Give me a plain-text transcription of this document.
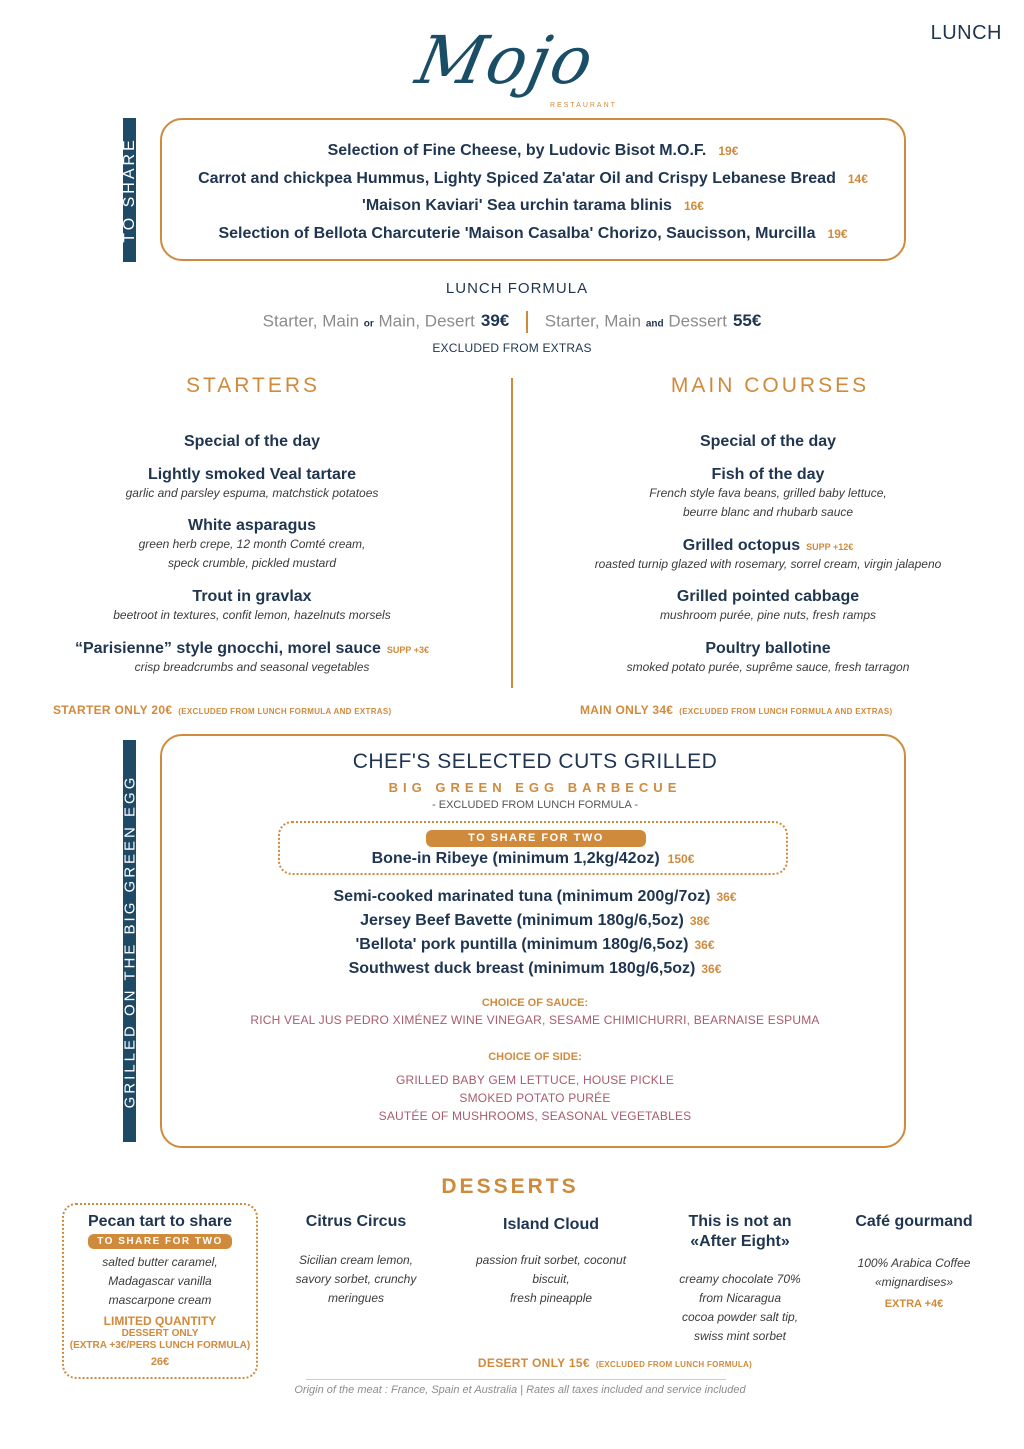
LUNCH
Mojo
RESTAURANT
TO SHARE	Selection of Fine Cheese, by Ludovic Bisot M.O.F. 19€
Carrot and chickpea Hummus, Lighty Spiced Za'atar Oil and Crispy Lebanese Bread 14€
'Maison Kaviari' Sea urchin tarama blinis 16€
Selection of Bellota Charcuterie 'Maison Casalba' Chorizo, Saucisson, Murcilla 19€
LUNCH FORMULA
Starter, Main or Main, Desert 39€ Starter, Main and Dessert 55€
EXCLUDED FROM EXTRAS
STARTERS
Special of the day
Lightly smoked Veal tartare
garlic and parsley espuma, matchstick potatoes
White asparagus
green herb crepe, 12 month Comté cream,
speck crumble, pickled mustard
Trout in gravlax
beetroot in textures, confit lemon, hazelnuts morsels
“Parisienne” style gnocchi, morel sauce SUPP +3€
crisp breadcrumbs and seasonal vegetables
STARTER ONLY 20€ (EXCLUDED FROM LUNCH FORMULA AND EXTRAS)
MAIN COURSES
Special of the day
Fish of the day
French style fava beans, grilled baby lettuce,
beurre blanc and rhubarb sauce
Grilled octopus SUPP +12€
roasted turnip glazed with rosemary, sorrel cream, virgin jalapeno
Grilled pointed cabbage
mushroom purée, pine nuts, fresh ramps
Poultry ballotine
smoked potato purée, suprême sauce, fresh tarragon
MAIN ONLY 34€ (EXCLUDED FROM LUNCH FORMULA AND EXTRAS)
GRILLED ON THE BIG GREEN EGG
CHEF'S SELECTED CUTS GRILLED
BIG GREEN EGG BARBECUE
- EXCLUDED FROM LUNCH FORMULA -
TO SHARE FOR TWO
Bone-in Ribeye (minimum 1,2kg/42oz) 150€
Semi-cooked marinated tuna (minimum 200g/7oz) 36€
Jersey Beef Bavette (minimum 180g/6,5oz) 38€
'Bellota' pork puntilla (minimum 180g/6,5oz) 36€
Southwest duck breast (minimum 180g/6,5oz) 36€
CHOICE OF SAUCE:
RICH VEAL JUS PEDRO XIMÉNEZ WINE VINEGAR, SESAME CHIMICHURRI, BEARNAISE ESPUMA
CHOICE OF SIDE:
GRILLED BABY GEM LETTUCE, HOUSE PICKLE
SMOKED POTATO PURÉE
SAUTÉE OF MUSHROOMS, SEASONAL VEGETABLES
DESSERTS
Pecan tart to share
TO SHARE FOR TWO
salted butter caramel,
Madagascar vanilla
mascarpone cream
LIMITED QUANTITY
DESSERT ONLY
(EXTRA +3€/PERS LUNCH FORMULA)
26€
Citrus Circus
Sicilian cream lemon,
savory sorbet, crunchy
meringues
Island Cloud
passion fruit sorbet, coconut
biscuit,
fresh pineapple
This is not an
«After Eight»
creamy chocolate 70%
from Nicaragua
cocoa powder salt tip,
swiss mint sorbet
Café gourmand
100% Arabica Coffee
«mignardises»
EXTRA +4€
DESERT ONLY 15€ (EXCLUDED FROM LUNCH FORMULA)
Origin of the meat : France, Spain et Australia | Rates all taxes included and service included
